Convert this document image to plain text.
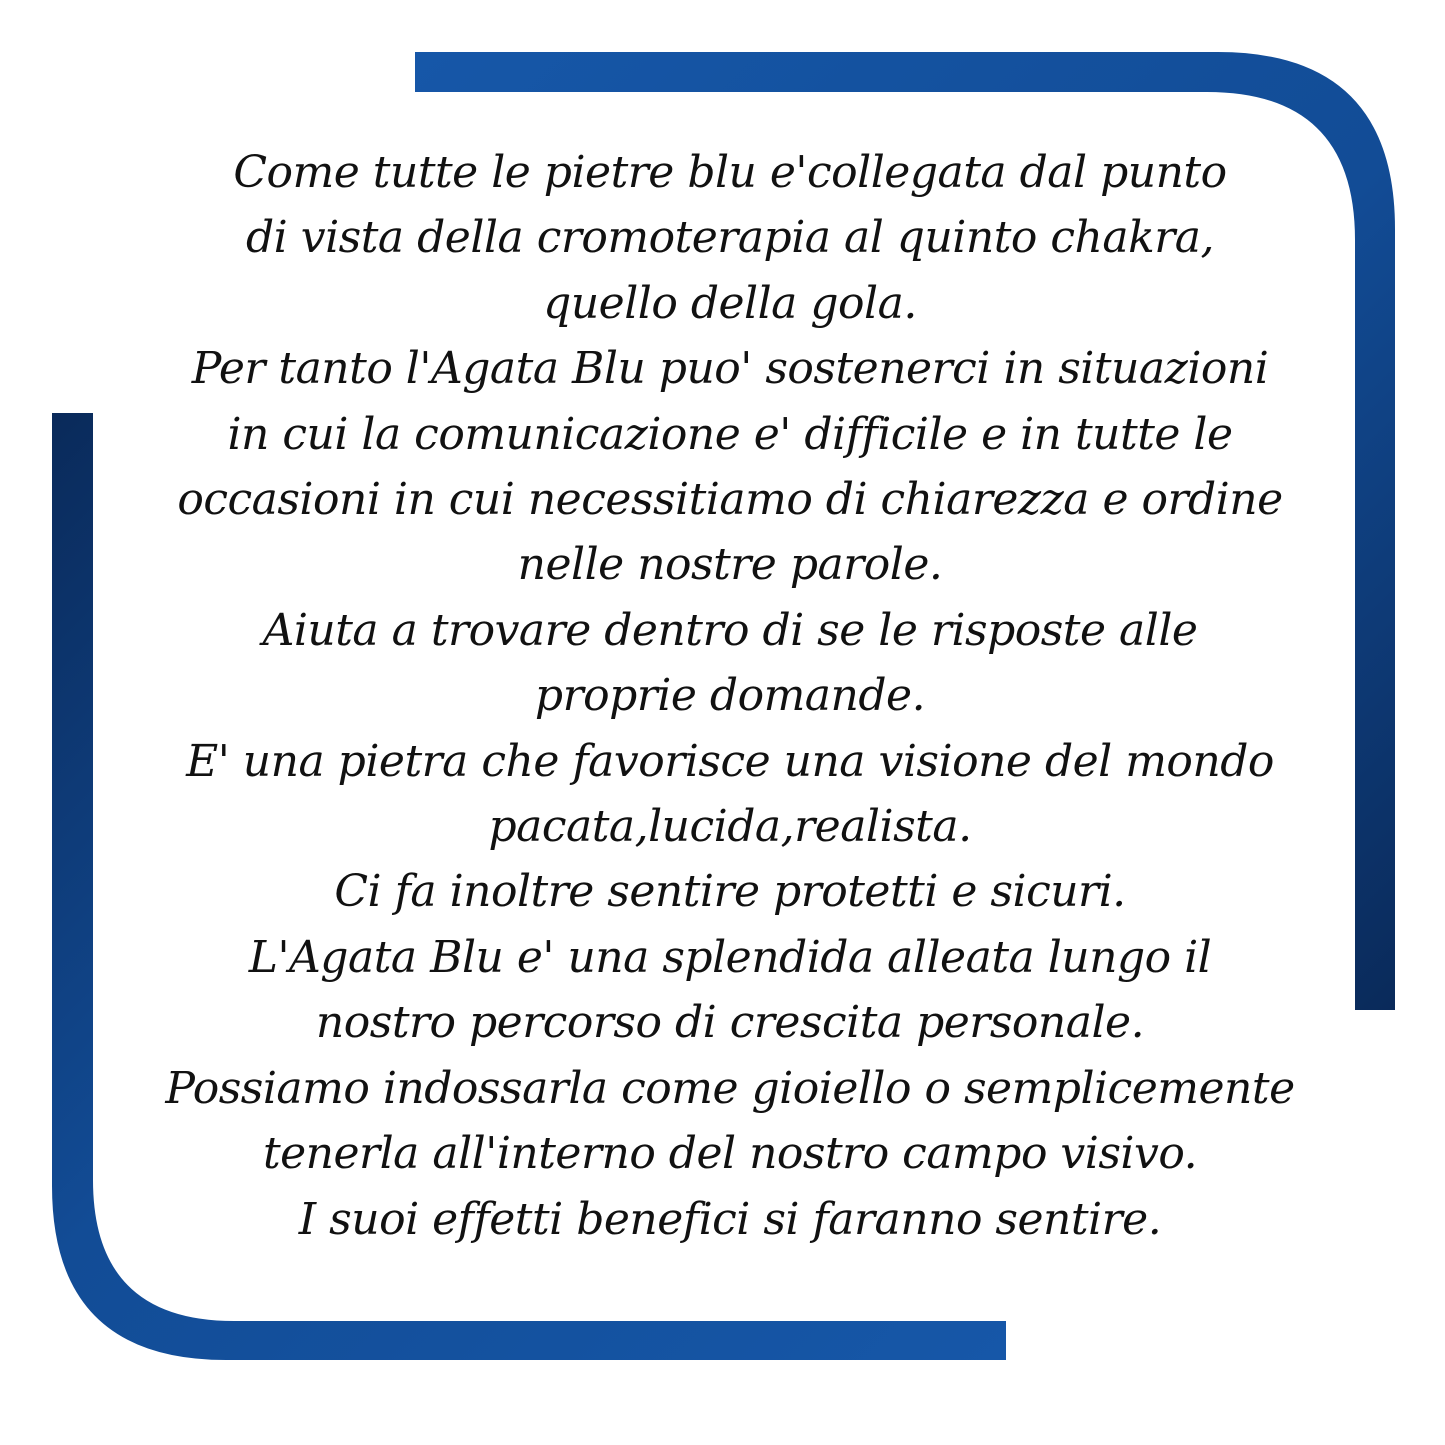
Come tutte le pietre blu e'collegata dal punto
di vista della cromoterapia al quinto chakra,
quello della gola.
Per tanto l'Agata Blu puo' sostenerci in situazioni
in cui la comunicazione e' difficile e in tutte le
occasioni in cui necessitiamo di chiarezza e ordine
nelle nostre parole.
Aiuta a trovare dentro di se le risposte alle
proprie domande.
E' una pietra che favorisce una visione del mondo
pacata,lucida,realista.
Ci fa inoltre sentire protetti e sicuri.
L'Agata Blu e' una splendida alleata lungo il
nostro percorso di crescita personale.
Possiamo indossarla come gioiello o semplicemente
tenerla all'interno del nostro campo visivo.
I suoi effetti benefici si faranno sentire.
